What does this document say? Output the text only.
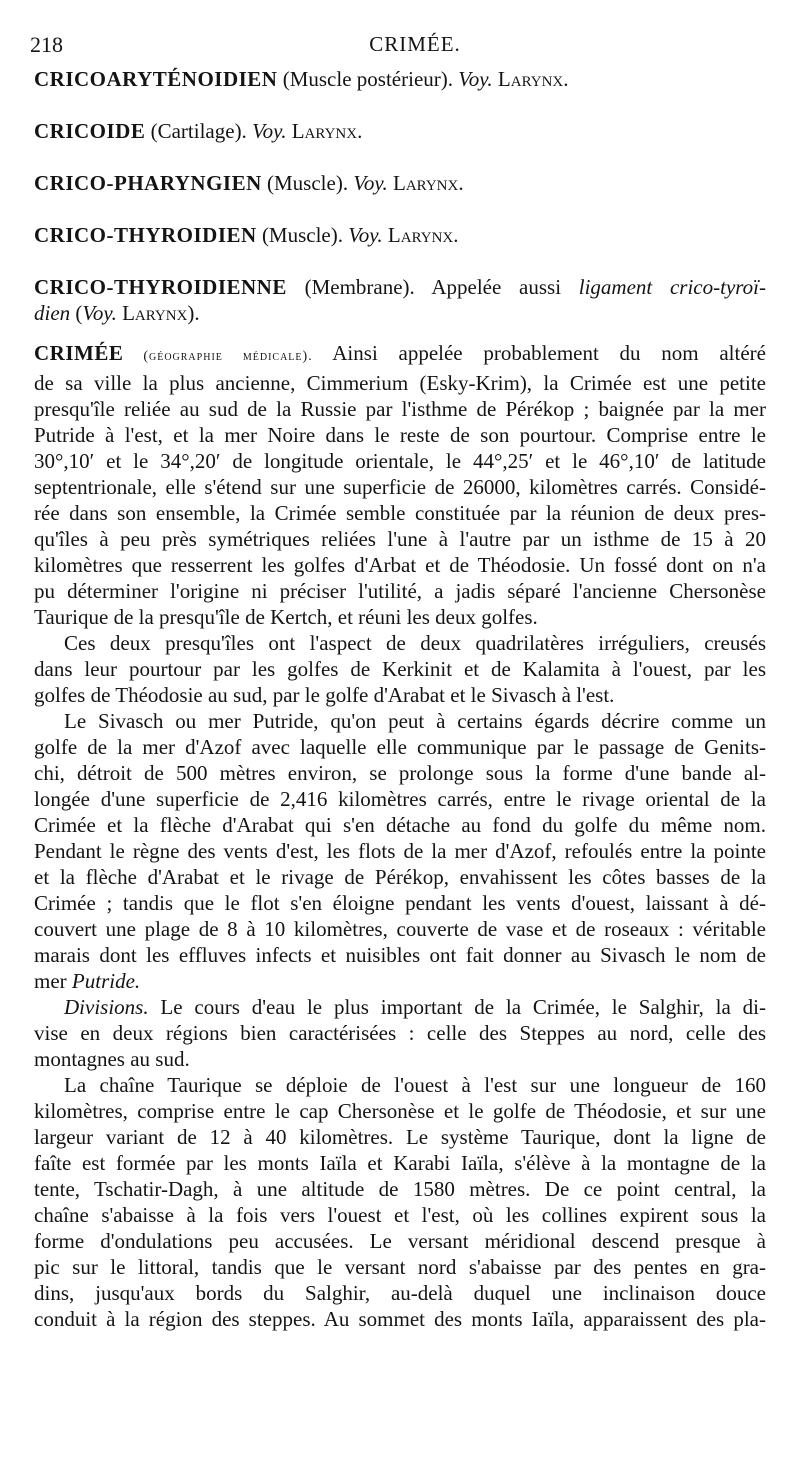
218	CRIMÉE.
CRICOARYTÉNOIDIEN (Muscle postérieur). Voy. Larynx.
CRICOIDE (Cartilage). Voy. Larynx.
CRICO-PHARYNGIEN (Muscle). Voy. Larynx.
CRICO-THYROIDIEN (Muscle). Voy. Larynx.
CRICO-THYROIDIENNE (Membrane). Appelée aussi ligament crico-tyroï-
dien (Voy. Larynx).
CRIMÉE (géographie médicale). Ainsi appelée probablement du nom altéré
de sa ville la plus ancienne, Cimmerium (Esky-Krim), la Crimée est une petite
presqu'île reliée au sud de la Russie par l'isthme de Pérékop ; baignée par la mer
Putride à l'est, et la mer Noire dans le reste de son pourtour. Comprise entre le
30°,10′ et le 34°,20′ de longitude orientale, le 44°,25′ et le 46°,10′ de latitude
septentrionale, elle s'étend sur une superficie de 26000, kilomètres carrés. Considé-
rée dans son ensemble, la Crimée semble constituée par la réunion de deux pres-
qu'îles à peu près symétriques reliées l'une à l'autre par un isthme de 15 à 20
kilomètres que resserrent les golfes d'Arbat et de Théodosie. Un fossé dont on n'a
pu déterminer l'origine ni préciser l'utilité, a jadis séparé l'ancienne Chersonèse
Taurique de la presqu'île de Kertch, et réuni les deux golfes.
Ces deux presqu'îles ont l'aspect de deux quadrilatères irréguliers, creusés
dans leur pourtour par les golfes de Kerkinit et de Kalamita à l'ouest, par les
golfes de Théodosie au sud, par le golfe d'Arabat et le Sivasch à l'est.
Le Sivasch ou mer Putride, qu'on peut à certains égards décrire comme un
golfe de la mer d'Azof avec laquelle elle communique par le passage de Genits-
chi, détroit de 500 mètres environ, se prolonge sous la forme d'une bande al-
longée d'une superficie de 2,416 kilomètres carrés, entre le rivage oriental de la
Crimée et la flèche d'Arabat qui s'en détache au fond du golfe du même nom.
Pendant le règne des vents d'est, les flots de la mer d'Azof, refoulés entre la pointe
et la flèche d'Arabat et le rivage de Pérékop, envahissent les côtes basses de la
Crimée ; tandis que le flot s'en éloigne pendant les vents d'ouest, laissant à dé-
couvert une plage de 8 à 10 kilomètres, couverte de vase et de roseaux : véritable
marais dont les effluves infects et nuisibles ont fait donner au Sivasch le nom de
mer Putride.
Divisions. Le cours d'eau le plus important de la Crimée, le Salghir, la di-
vise en deux régions bien caractérisées : celle des Steppes au nord, celle des
montagnes au sud.
La chaîne Taurique se déploie de l'ouest à l'est sur une longueur de 160
kilomètres, comprise entre le cap Chersonèse et le golfe de Théodosie, et sur une
largeur variant de 12 à 40 kilomètres. Le système Taurique, dont la ligne de
faîte est formée par les monts Iaïla et Karabi Iaïla, s'élève à la montagne de la
tente, Tschatir-Dagh, à une altitude de 1580 mètres. De ce point central, la
chaîne s'abaisse à la fois vers l'ouest et l'est, où les collines expirent sous la
forme d'ondulations peu accusées. Le versant méridional descend presque à
pic sur le littoral, tandis que le versant nord s'abaisse par des pentes en gra-
dins, jusqu'aux bords du Salghir, au-delà duquel une inclinaison douce
conduit à la région des steppes. Au sommet des monts Iaïla, apparaissent des pla-
